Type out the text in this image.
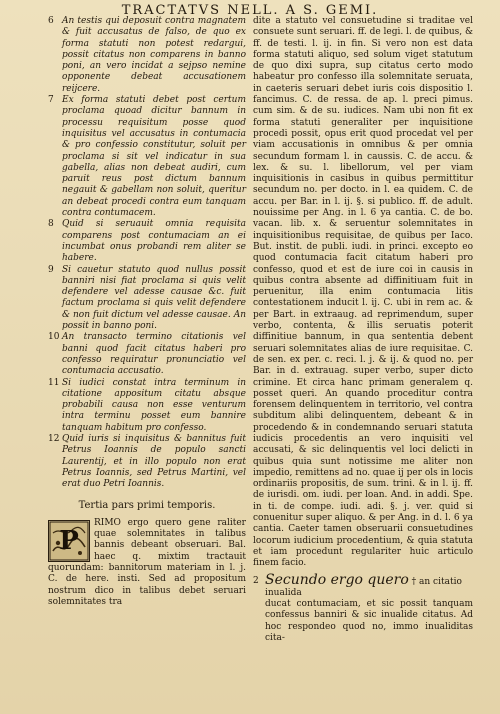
TRACTATVS NELL. A S. GEMI.
6 An testis qui deposuit contra magnatem & fuit accusatus de falso, de quo ex forma statuti non potest redargui, possit citatus non comparens in banno poni, an vero incidat a sejpso nemine opponente debeat accusationem reijcere.
7 Ex forma statuti debet post certum proclama quoad dicitur bannum in processu requisitum posse quod inquisitus vel accusatus in contumacia & pro confessio constitutur, soluit per proclama si sit vel indicatur in sua gabella, alias non debeat audiri, cum paruit reus post dictum bannum negauit & gabellam non soluit, queritur an debeat procedi contra eum tanquam contra contumacem.
8 Quid si seruauit omnia requisita comparens post contumaciam an ei incumbat onus probandi rem aliter se habere.
9 Si cauetur statuto quod nullus possit banniri nisi fiat proclama si quis velit defendere vel adesse causae &c. fuit factum proclama si quis velit defendere & non fuit dictum vel adesse causae. An possit in banno poni.
10 An transacto termino citationis vel banni quod facit citatus haberi pro confesso requiratur pronunciatio vel contumacia accusatio.
11 Si iudici constat intra terminum in citatione appositum citatu absque probabili causa non esse venturum intra terminu posset eum bannire tanquam habitum pro confesso.
12 Quid iuris si inquisitus & bannitus fuit Petrus Ioannis de populo sancti Laurentij, et in illo populo non erat Petrus Ioannis, sed Petrus Martini, vel erat duo Petri Ioannis.
Tertia pars primi temporis.
P
RIMO ergo quero gene raliter quae solemnitates in talibus bannis debeant obseruari. Bal. haec q. mixtim tractauit quorundam: bannitorum materiam in l. j. C. de here. insti. Sed ad propositum nostrum dico in talibus debet seruari solemnitates tra
dite a statuto vel consuetudine si traditae vel consuete sunt seruari. ff. de legi. l. de quibus, & ff. de testi. l. ij. in fin. Si vero non est data forma statuti aliquo, sed solum viget statutum de quo dixi supra, sup citatus certo modo habeatur pro confesso illa solemnitate seruata, in caeteris seruari debet iuris cois dispositio l. fancimus. C. de ressa. de ap. l. preci pimus. cum sim. & de su. iudices. Nam ubi non fit ex forma statuti generaliter per inquisitione procedi possit, opus erit quod procedat vel per viam accusationis in omnibus & per omnia secundum formam l. in caussis. C. de accu. & lex. & su. l. libellorum, vel per viam inquisitionis in casibus in quibus permittitur secundum no. per docto. in l. ea quidem. C. de accu. per Bar. in l. ij. §. si publico. ff. de adult. nouissime per Ang. in l. 6 ya cantia. C. de bo. vacan. lib. x. & seruentur solemnitates in inquisitionibus requisitae, de quibus per Iaco. But. instit. de publi. iudi. in princi. excepto eo quod contumacia facit citatum haberi pro confesso, quod et est de iure coi in causis in quibus contra absente ad diffinitiuam fuit in peruenitur, illa enim contumacia litis contestationem inducit l. ij. C. ubi in rem ac. & per Bart. in extraaug. ad reprimendum, super verbo, contenta, & illis seruatis poterit diffinitiue bannum, in qua sententia debent seruari solemnitates alias de iure requisitae. C. de sen. ex per. c. reci. l. j. & ij. & quod no. per Bar. in d. extrauag. super verbo, super dicto crimine. Et circa hanc primam generalem q. posset queri. An quando proceditur contra forensem delinquentem in territorio, vel contra subditum alibi delinquentem, debeant & in procedendo & in condemnando seruari statuta iudicis procedentis an vero inquisiti vel accusati, & sic delinquentis vel loci delicti in quibus quia sunt notissime me aliter non impedio, remittens ad no. quae ij per ols in locis ordinariis propositis, de sum. trini. & in l. ij. ff. de iurisdi. om. iudi. per loan. And. in addi. Spe. in ti. de compe. iudi. adi. §. j. ver. quid si conuenitur super aliquo. & per Ang. in d. l. 6 ya cantia. Caeter tamen obseruarii consuetudines locorum iudicium procedentium, & quia statuta et iam procedunt regulariter huic articulo finem facio.
2 Secundo ergo quero † an citatio inualida
ducat contumaciam, et sic possit tanquam confessus banniri & sic inualide citatus. Ad hoc respondeo quod no, immo inualiditas cita-
